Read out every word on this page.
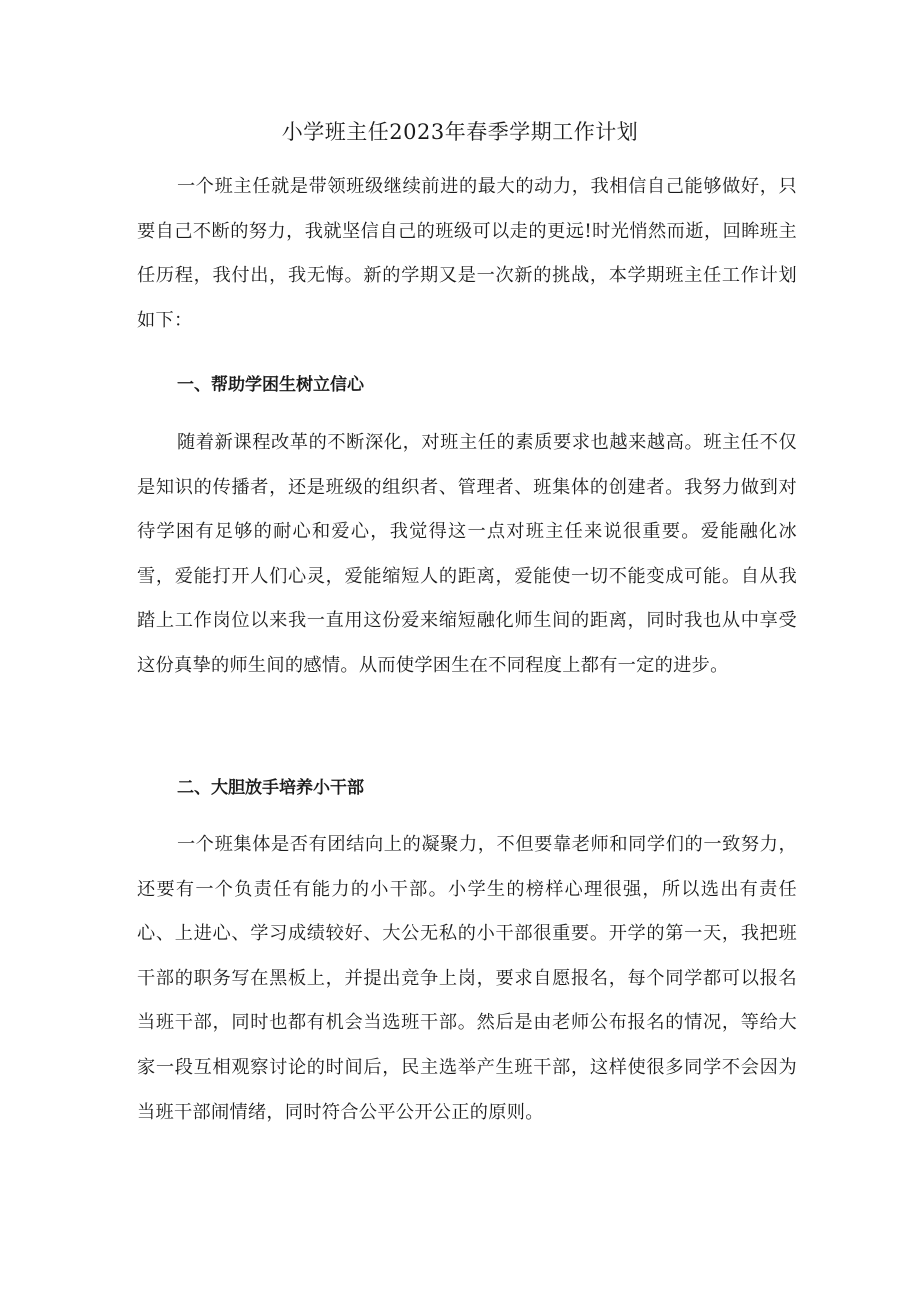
小学班主任2023年春季学期工作计划

一个班主任就是带领班级继续前进的最大的动力，我相信自己能够做好，只要自己不断的努力，我就坚信自己的班级可以走的更远!时光悄然而逝，回眸班主任历程，我付出，我无悔。新的学期又是一次新的挑战，本学期班主任工作计划如下：

一、帮助学困生树立信心

随着新课程改革的不断深化，对班主任的素质要求也越来越高。班主任不仅是知识的传播者，还是班级的组织者、管理者、班集体的创建者。我努力做到对待学困有足够的耐心和爱心，我觉得这一点对班主任来说很重要。爱能融化冰雪，爱能打开人们心灵，爱能缩短人的距离，爱能使一切不能变成可能。自从我踏上工作岗位以来我一直用这份爱来缩短融化师生间的距离，同时我也从中享受这份真挚的师生间的感情。从而使学困生在不同程度上都有一定的进步。

二、大胆放手培养小干部

一个班集体是否有团结向上的凝聚力，不但要靠老师和同学们的一致努力，还要有一个负责任有能力的小干部。小学生的榜样心理很强，所以选出有责任心、上进心、学习成绩较好、大公无私的小干部很重要。开学的第一天，我把班干部的职务写在黑板上，并提出竞争上岗，要求自愿报名，每个同学都可以报名当班干部，同时也都有机会当选班干部。然后是由老师公布报名的情况，等给大家一段互相观察讨论的时间后，民主选举产生班干部，这样使很多同学不会因为当班干部闹情绪，同时符合公平公开公正的原则。
